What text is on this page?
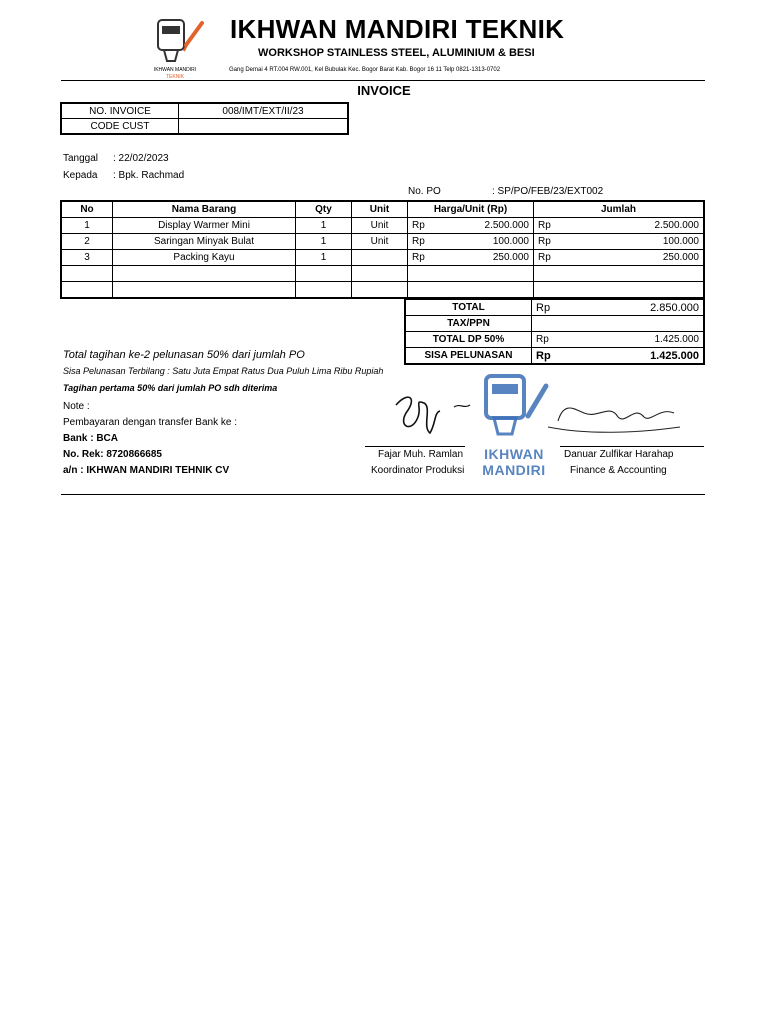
IKHWAN MANDIRI
TEKNIK
IKHWAN MANDIRI TEKNIK
WORKSHOP STAINLESS STEEL, ALUMINIUM & BESI
Gang Demai 4 RT.004 RW.001, Kel Bubulak Kec. Bogor Barat Kab. Bogor 16 11 Telp 0821-1313-0702
INVOICE
NO. INVOICE	008/IMT/EXT/II/23
CODE CUST	
Tanggal : 22/02/2023
Kepada : Bpk. Rachmad
No. PO	: SP/PO/FEB/23/EXT002
No	Nama Barang	Qty	Unit	Harga/Unit (Rp)	Jumlah
1	Display Warmer Mini	1	Unit	Rp 2.500.000	Rp 2.500.000

2	Saringan Minyak Bulat	1	Unit	Rp 100.000	Rp 100.000

3	Packing Kayu	1		Rp 250.000	Rp 250.000

TOTAL	Rp 2.850.000

TAX/PPN	
TOTAL DP 50%	Rp 1.425.000

SISA PELUNASAN	Rp 1.425.000
Total tagihan ke-2 pelunasan 50% dari jumlah PO
Sisa Pelunasan Terbilang : Satu Juta Empat Ratus Dua Puluh Lima Ribu Rupiah
Tagihan pertama 50% dari jumlah PO sdh diterima
Note :
Pembayaran dengan transfer Bank ke :
Bank : BCA
No. Rek: 8720866685
a/n : IKHWAN MANDIRI TEHNIK CV
IKHWAN
MANDIRI
Fajar Muh. Ramlan
Koordinator Produksi
Danuar Zulfikar Harahap
Finance & Accounting
